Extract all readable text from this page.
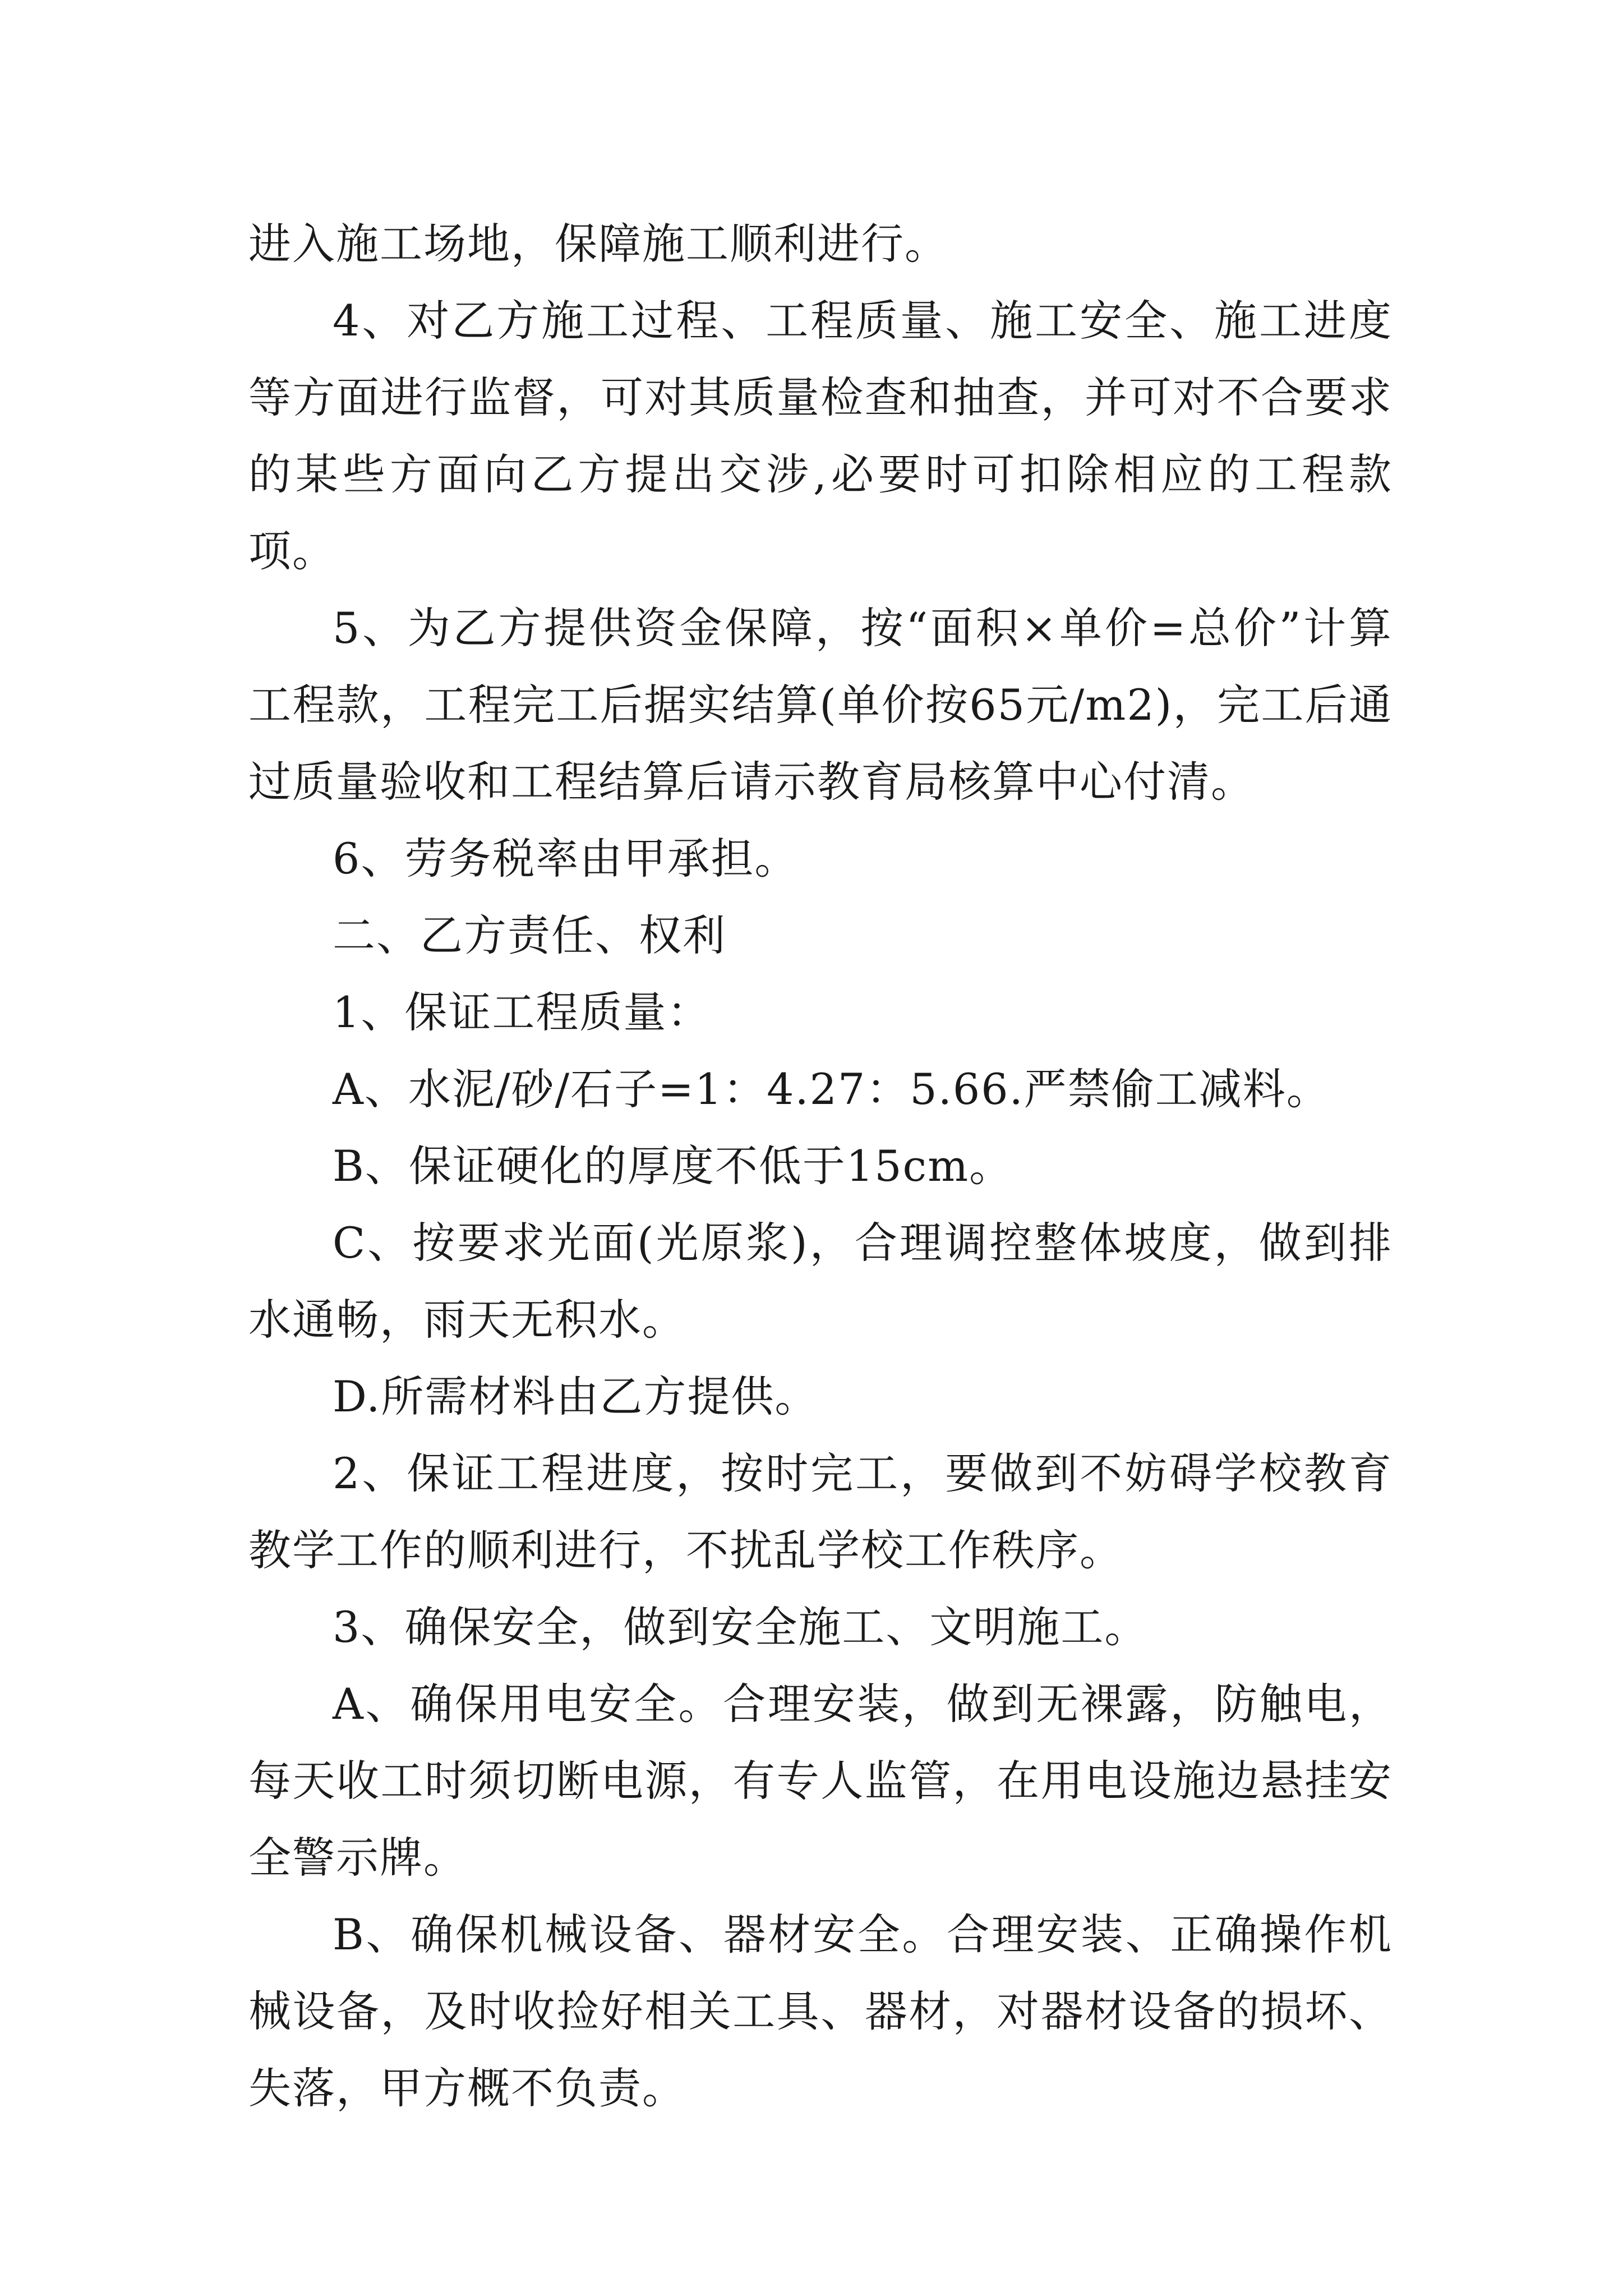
进入施工场地，保障施工顺利进行。

4、对乙方施工过程、工程质量、施工安全、施工进度等方面进行监督，可对其质量检查和抽查，并可对不合要求的某些方面向乙方提出交涉,必要时可扣除相应的工程款项。

5、为乙方提供资金保障，按“面积×单价=总价”计算工程款，工程完工后据实结算(单价按65元/m2)，完工后通过质量验收和工程结算后请示教育局核算中心付清。

6、劳务税率由甲承担。

二、乙方责任、权利

1、保证工程质量：

A、水泥/砂/石子=1：4.27：5.66.严禁偷工减料。

B、保证硬化的厚度不低于15cm。

C、按要求光面(光原浆)，合理调控整体坡度，做到排水通畅，雨天无积水。

D.所需材料由乙方提供。

2、保证工程进度，按时完工，要做到不妨碍学校教育教学工作的顺利进行，不扰乱学校工作秩序。

3、确保安全，做到安全施工、文明施工。

A、确保用电安全。合理安装，做到无裸露，防触电，每天收工时须切断电源，有专人监管，在用电设施边悬挂安全警示牌。

B、确保机械设备、器材安全。合理安装、正确操作机械设备，及时收捡好相关工具、器材，对器材设备的损坏、失落，甲方概不负责。
